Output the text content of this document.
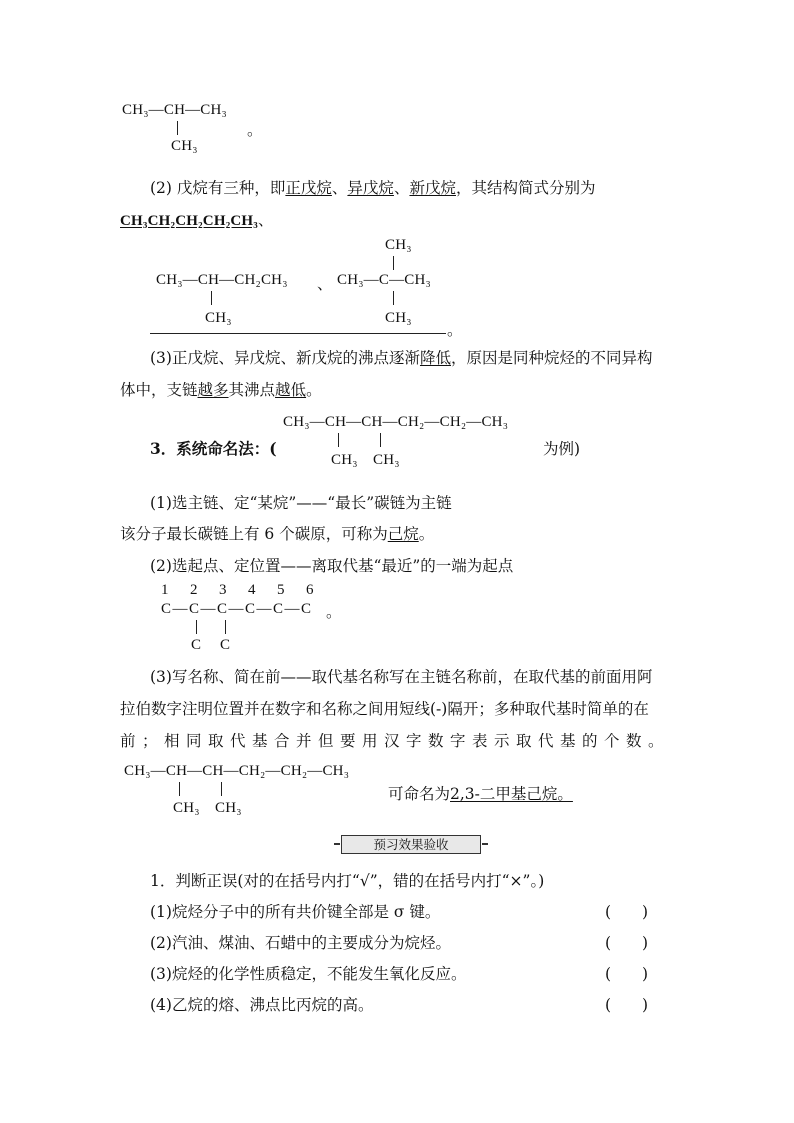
CH₃—CH—CH₃
CH₃
。
(2) 戊烷有三种，即正戊烷、异戊烷、新戊烷，其结构简式分别为
CH₃CH₂CH₂CH₂CH₃、
CH₃—CH—CH₂CH₃
CH₃
、
CH₃
CH₃—C—CH₃
CH₃
。
(3)正戊烷、异戊烷、新戊烷的沸点逐渐降低，原因是同种烷烃的不同异构
体中，支链越多其沸点越低。
3．系统命名法：(
CH₃—CH—CH—CH₂—CH₂—CH₃
CH₃ CH₃
为例)
(1)选主链、定“某烷”——“最长”碳链为主链
该分子最长碳链上有 6 个碳原，可称为己烷。
(2)选起点、定位置——离取代基“最近”的一端为起点
1 2 3 4 5 6
C—C—C—C—C—C 。
C C
(3)写名称、简在前——取代基名称写在主链名称前，在取代基的前面用阿
拉伯数字注明位置并在数字和名称之间用短线(-)隔开；多种取代基时简单的在
前；相同取代基合并但要用汉字数字表示取代基的个数。
CH₃—CH—CH—CH₂—CH₂—CH₃
CH₃ CH₃
可命名为2,3-二甲基己烷。
预习效果验收
1．判断正误(对的在括号内打“√”，错的在括号内打“×”。)
(1)烷烃分子中的所有共价键全部是 σ 键。	(　　)
(2)汽油、煤油、石蜡中的主要成分为烷烃。	(　　)
(3)烷烃的化学性质稳定，不能发生氧化反应。	(　　)
(4)乙烷的熔、沸点比丙烷的高。	(　　)
